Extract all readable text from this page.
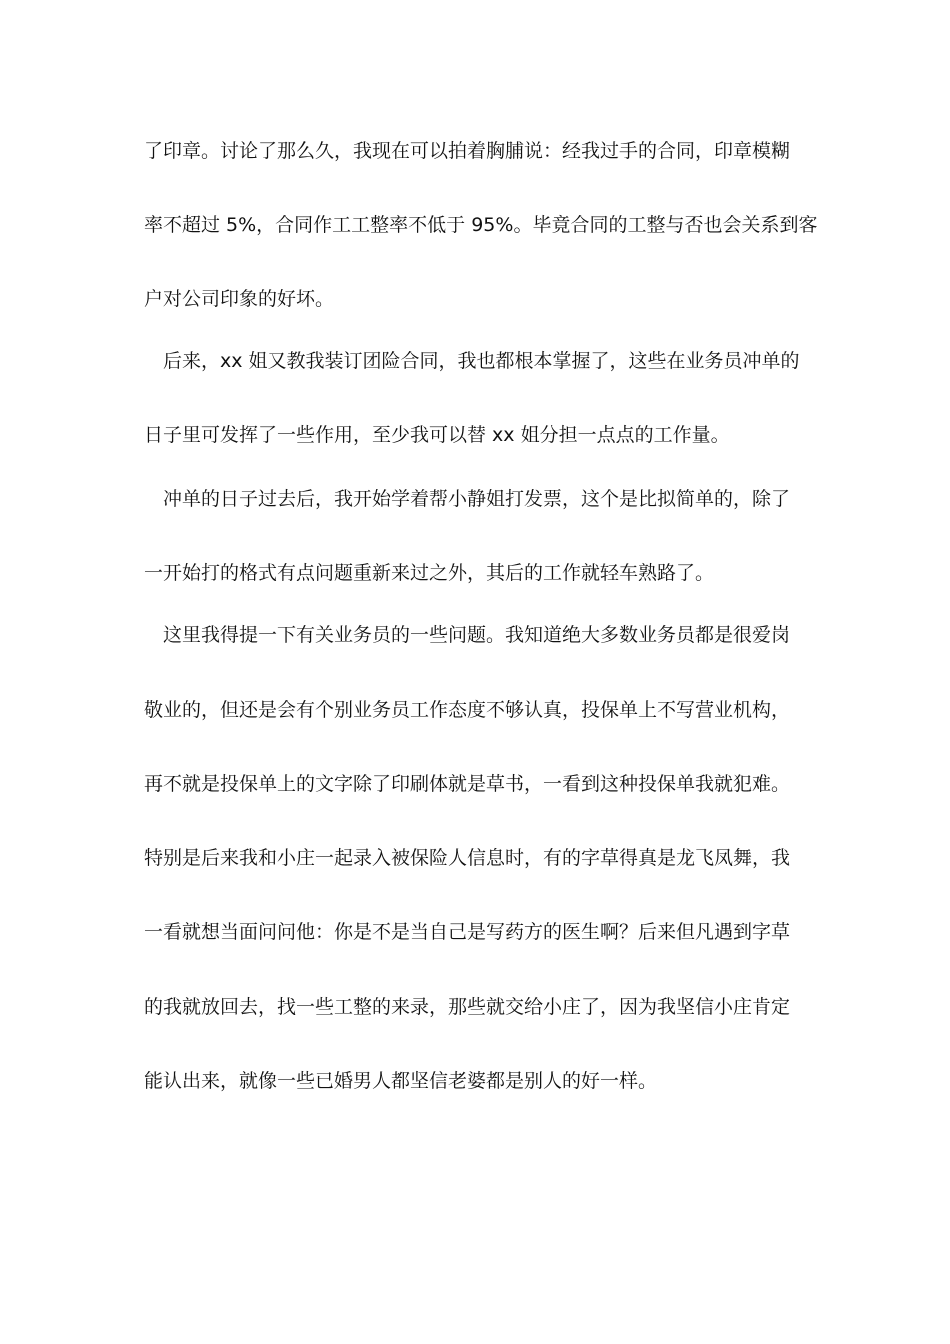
了印章。讨论了那么久，我现在可以拍着胸脯说：经我过手的合同，印章模糊
率不超过 5%，合同作工工整率不低于 95%。毕竟合同的工整与否也会关系到客
户对公司印象的好坏。
　后来，xx 姐又教我装订团险合同，我也都根本掌握了，这些在业务员冲单的
日子里可发挥了一些作用，至少我可以替 xx 姐分担一点点的工作量。
　冲单的日子过去后，我开始学着帮小静姐打发票，这个是比拟简单的，除了
一开始打的格式有点问题重新来过之外，其后的工作就轻车熟路了。
　这里我得提一下有关业务员的一些问题。我知道绝大多数业务员都是很爱岗
敬业的，但还是会有个别业务员工作态度不够认真，投保单上不写营业机构，
再不就是投保单上的文字除了印刷体就是草书，一看到这种投保单我就犯难。
特别是后来我和小庄一起录入被保险人信息时，有的字草得真是龙飞凤舞，我
一看就想当面问问他：你是不是当自己是写药方的医生啊？后来但凡遇到字草
的我就放回去，找一些工整的来录，那些就交给小庄了，因为我坚信小庄肯定
能认出来，就像一些已婚男人都坚信老婆都是别人的好一样。
